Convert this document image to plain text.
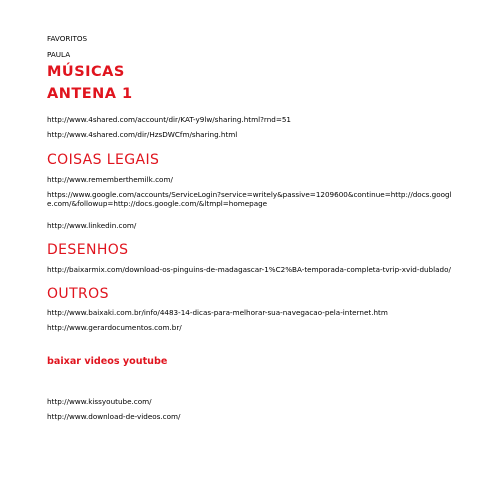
FAVORITOS
PAULA
MÚSICAS
ANTENA 1
http://www.4shared.com/account/dir/KAT-y9lw/sharing.html?rnd=51
http://www.4shared.com/dir/HzsDWCfm/sharing.html
COISAS LEGAIS
http://www.rememberthemilk.com/
https://www.google.com/accounts/ServiceLogin?service=writely&passive=1209600&continue=http://docs.google.com/&followup=http://docs.google.com/&ltmpl=homepage
http://www.linkedin.com/
DESENHOS
http://baixarmix.com/download-os-pinguins-de-madagascar-1%C2%BA-temporada-completa-tvrip-xvid-dublado/
OUTROS
http://www.baixaki.com.br/info/4483-14-dicas-para-melhorar-sua-navegacao-pela-internet.htm
http://www.gerardocumentos.com.br/
baixar videos youtube
http://www.kissyoutube.com/
http://www.download-de-videos.com/
